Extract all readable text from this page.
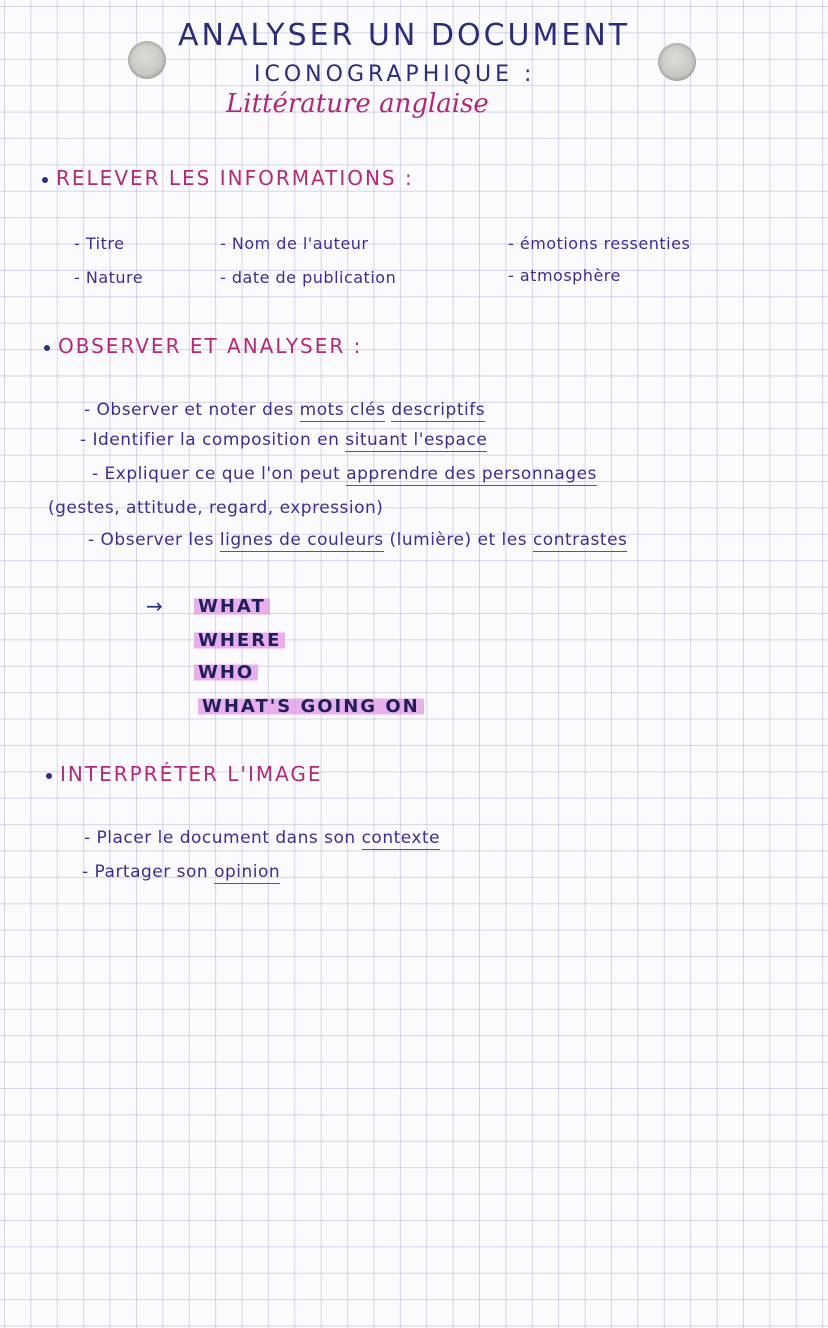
ANALYSER UN DOCUMENT
ICONOGRAPHIQUE :
Littérature anglaise
RELEVER LES INFORMATIONS :
- Titre
- Nature
- Nom de l'auteur
- date de publication
- émotions ressenties
- atmosphère
OBSERVER ET ANALYSER :
- Observer et noter des mots clés descriptifs
- Identifier la composition en situant l'espace
- Expliquer ce que l'on peut apprendre des personnages
(gestes, attitude, regard, expression)
- Observer les lignes de couleurs (lumière) et les contrastes
→ WHAT
WHERE
WHO
WHAT'S GOING ON
INTERPRÉTER L'IMAGE
- Placer le document dans son contexte
- Partager son opinion
